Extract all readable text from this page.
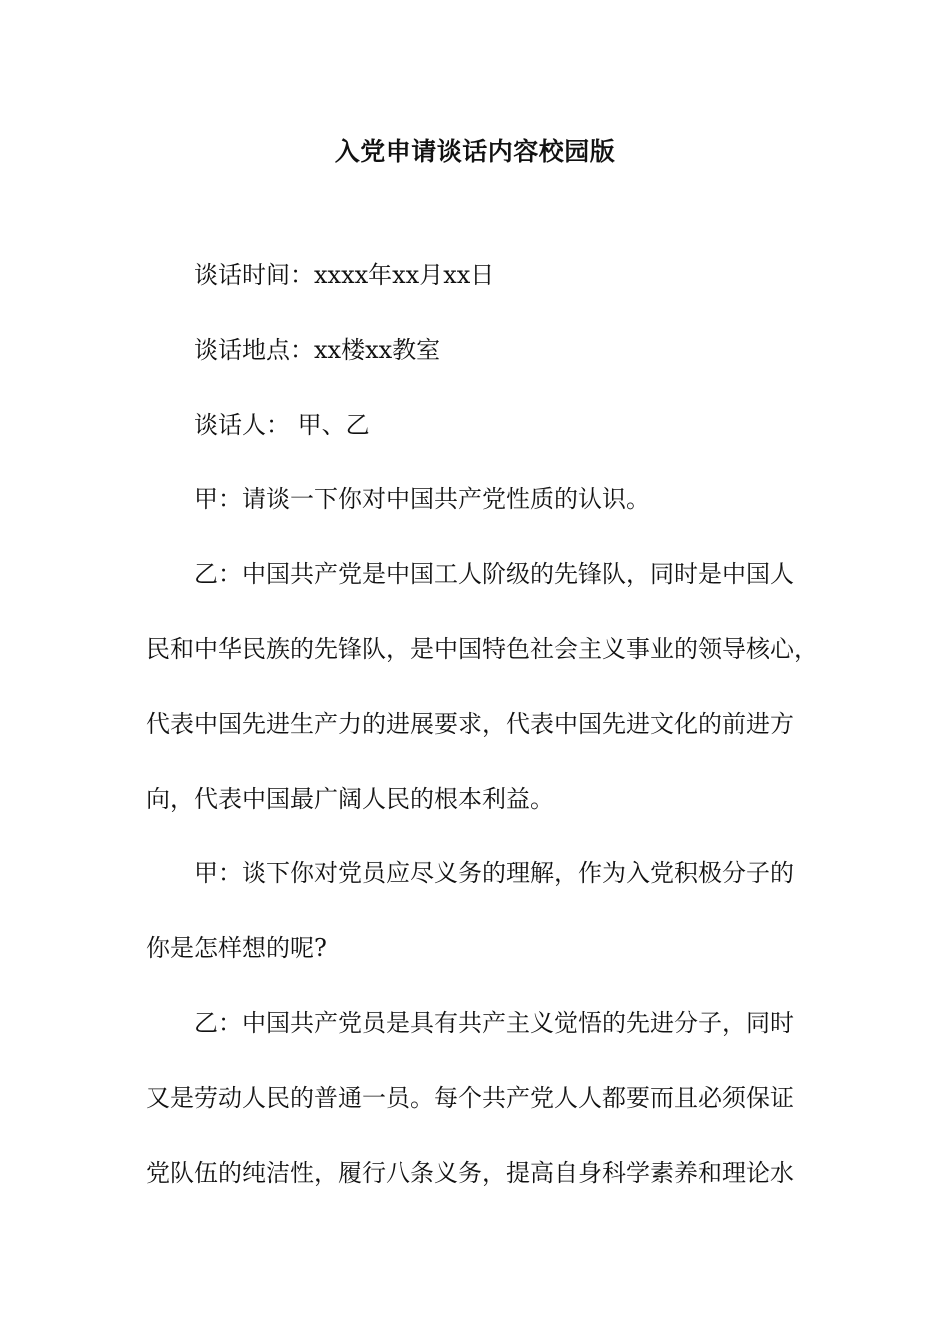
入党申请谈话内容校园版
谈话时间：xxxx年xx月xx日
谈话地点：xx楼xx教室
谈话人： 甲、乙
甲：请谈一下你对中国共产党性质的认识。
乙：中国共产党是中国工人阶级的先锋队，同时是中国人
民和中华民族的先锋队，是中国特色社会主义事业的领导核心，
代表中国先进生产力的进展要求，代表中国先进文化的前进方
向，代表中国最广阔人民的根本利益。
甲：谈下你对党员应尽义务的理解，作为入党积极分子的
你是怎样想的呢?
乙：中国共产党员是具有共产主义觉悟的先进分子，同时
又是劳动人民的普通一员。每个共产党人人都要而且必须保证
党队伍的纯洁性，履行八条义务，提高自身科学素养和理论水
